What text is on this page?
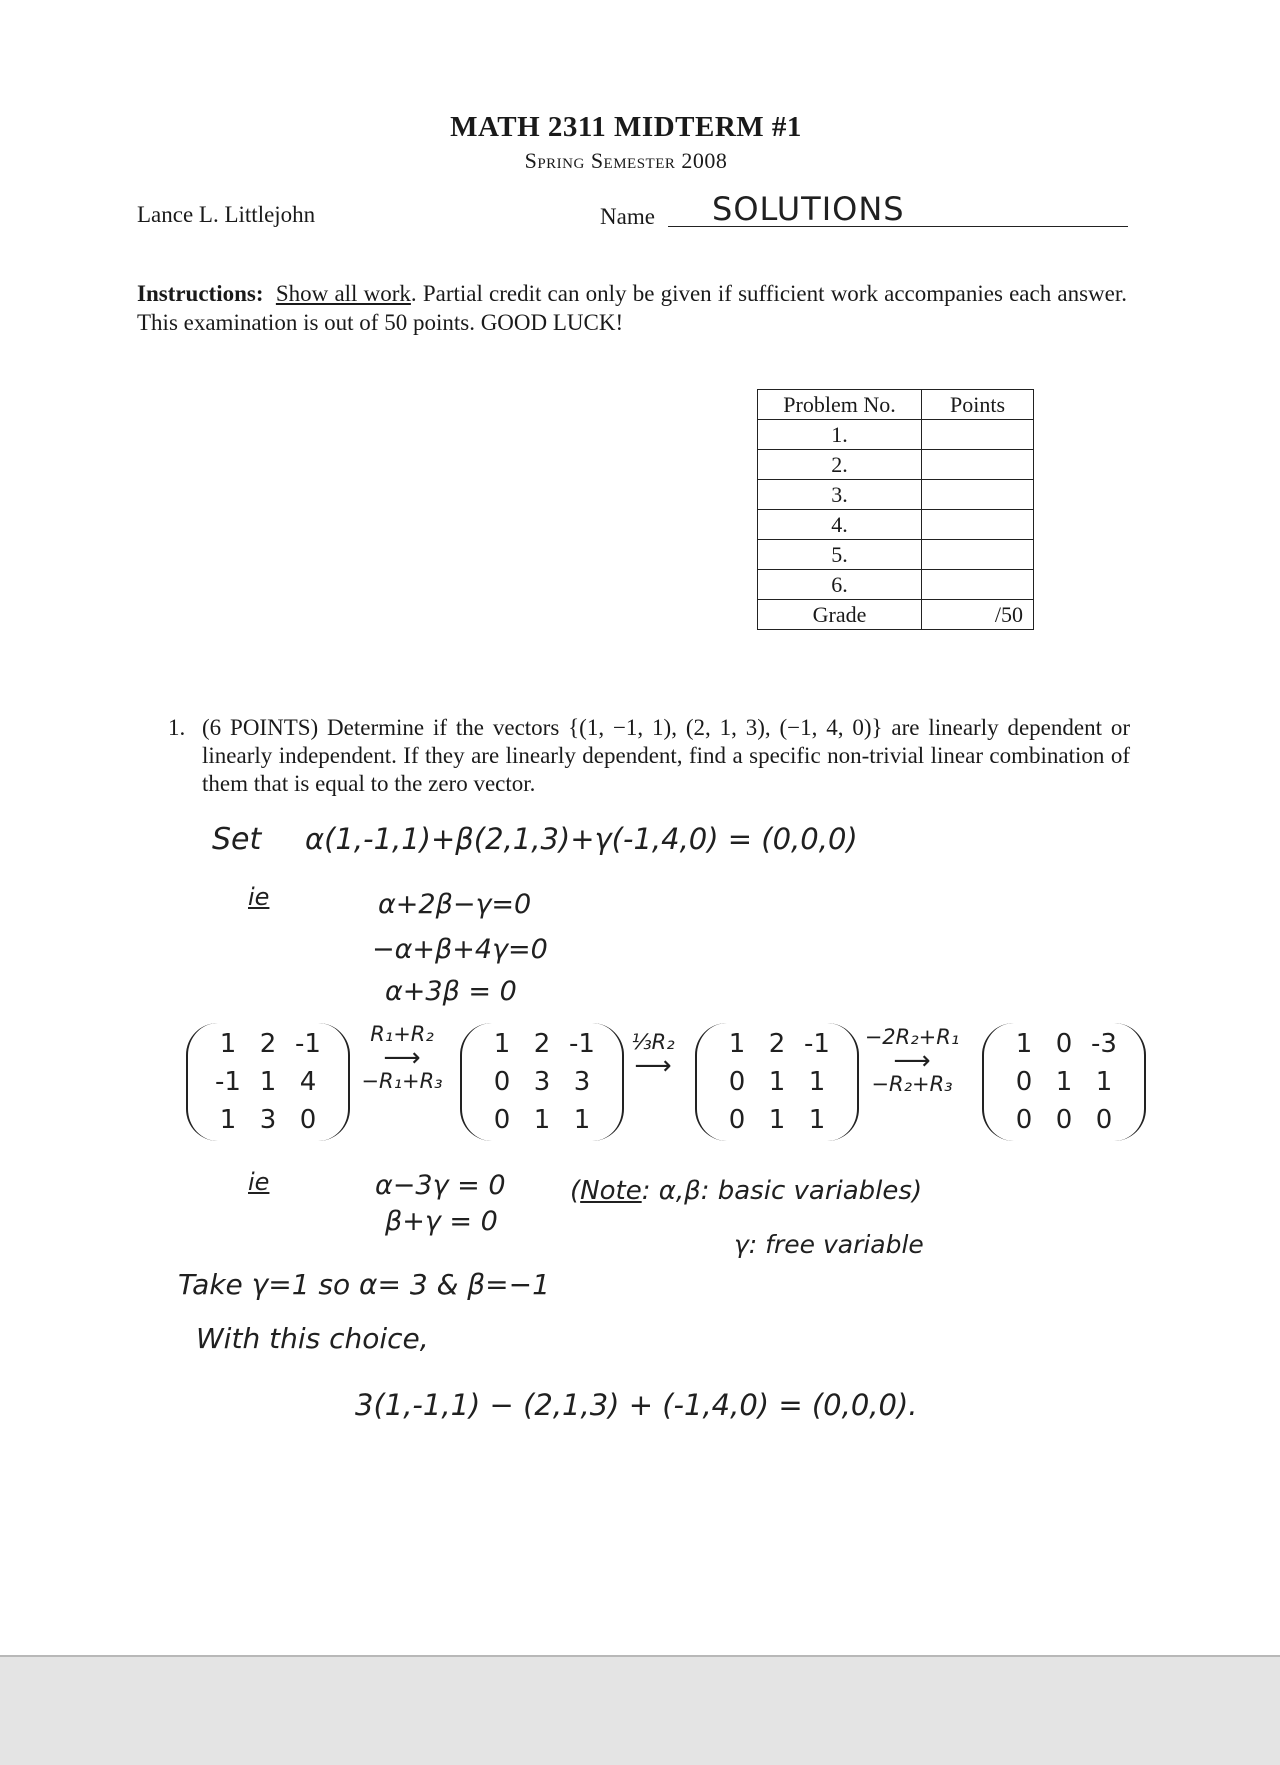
MATH 2311 MIDTERM #1
Spring Semester 2008
Lance L. Littlejohn	Name SOLUTIONS
Instructions: Show all work. Partial credit can only be given if sufficient work accompanies each answer. This examination is out of 50 points. GOOD LUCK!
Problem No.	Points
1.	
2.	
3.	
4.	
5.	
6.	
Grade	/50
1. (6 POINTS) Determine if the vectors {(1, −1, 1), (2, 1, 3), (−1, 4, 0)} are linearly dependent or linearly independent. If they are linearly dependent, find a specific non-trivial linear combination of them that is equal to the zero vector.
Set α(1,-1,1)+β(2,1,3)+γ(-1,4,0) = (0,0,0)
ie	α+2β−γ=0
−α+β+4γ=0
α+3β = 0
1	2	-1
-1	1	4
1	3	0
R₁+R₂
⟶
−R₁+R₃
1	2	-1
0	3	3
0	1	1
⅓R₂
⟶
1	2	-1
0	1	1
0	1	1
−2R₂+R₁
⟶
−R₂+R₃
1	0	-3
0	1	1
0	0	0
ie	α−3γ = 0
β+γ = 0
(Note: α,β: basic variables)
γ: free variable
Take γ=1 so α= 3 & β=−1
With this choice,
3(1,-1,1) − (2,1,3) + (-1,4,0) = (0,0,0).
